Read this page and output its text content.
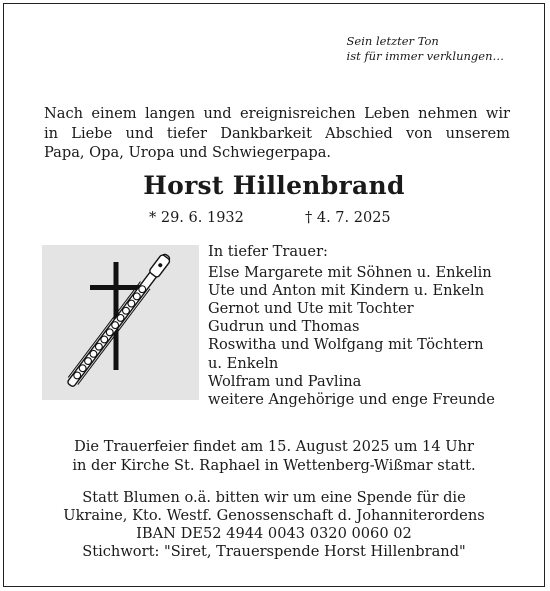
Sein letzter Ton
ist für immer verklungen…
Nach einem langen und ereignisreichen Leben nehmen wir
in Liebe und tiefer Dankbarkeit Abschied von unserem
Papa, Opa, Uropa und Schwiegerpapa.
Horst Hillenbrand
* 29. 6. 1932	† 4. 7. 2025
In tiefer Trauer:
Else Margarete mit Söhnen u. Enkelin
Ute und Anton mit Kindern u. Enkeln
Gernot und Ute mit Tochter
Gudrun und Thomas
Roswitha und Wolfgang mit Töchtern
u. Enkeln
Wolfram und Pavlina
weitere Angehörige und enge Freunde
Die Trauerfeier findet am 15. August 2025 um 14 Uhr
in der Kirche St. Raphael in Wettenberg-Wißmar statt.
Statt Blumen o.ä. bitten wir um eine Spende für die
Ukraine, Kto. Westf. Genossenschaft d. Johanniterordens
IBAN DE52 4944 0043 0320 0060 02
Stichwort: "Siret, Trauerspende Horst Hillenbrand"
